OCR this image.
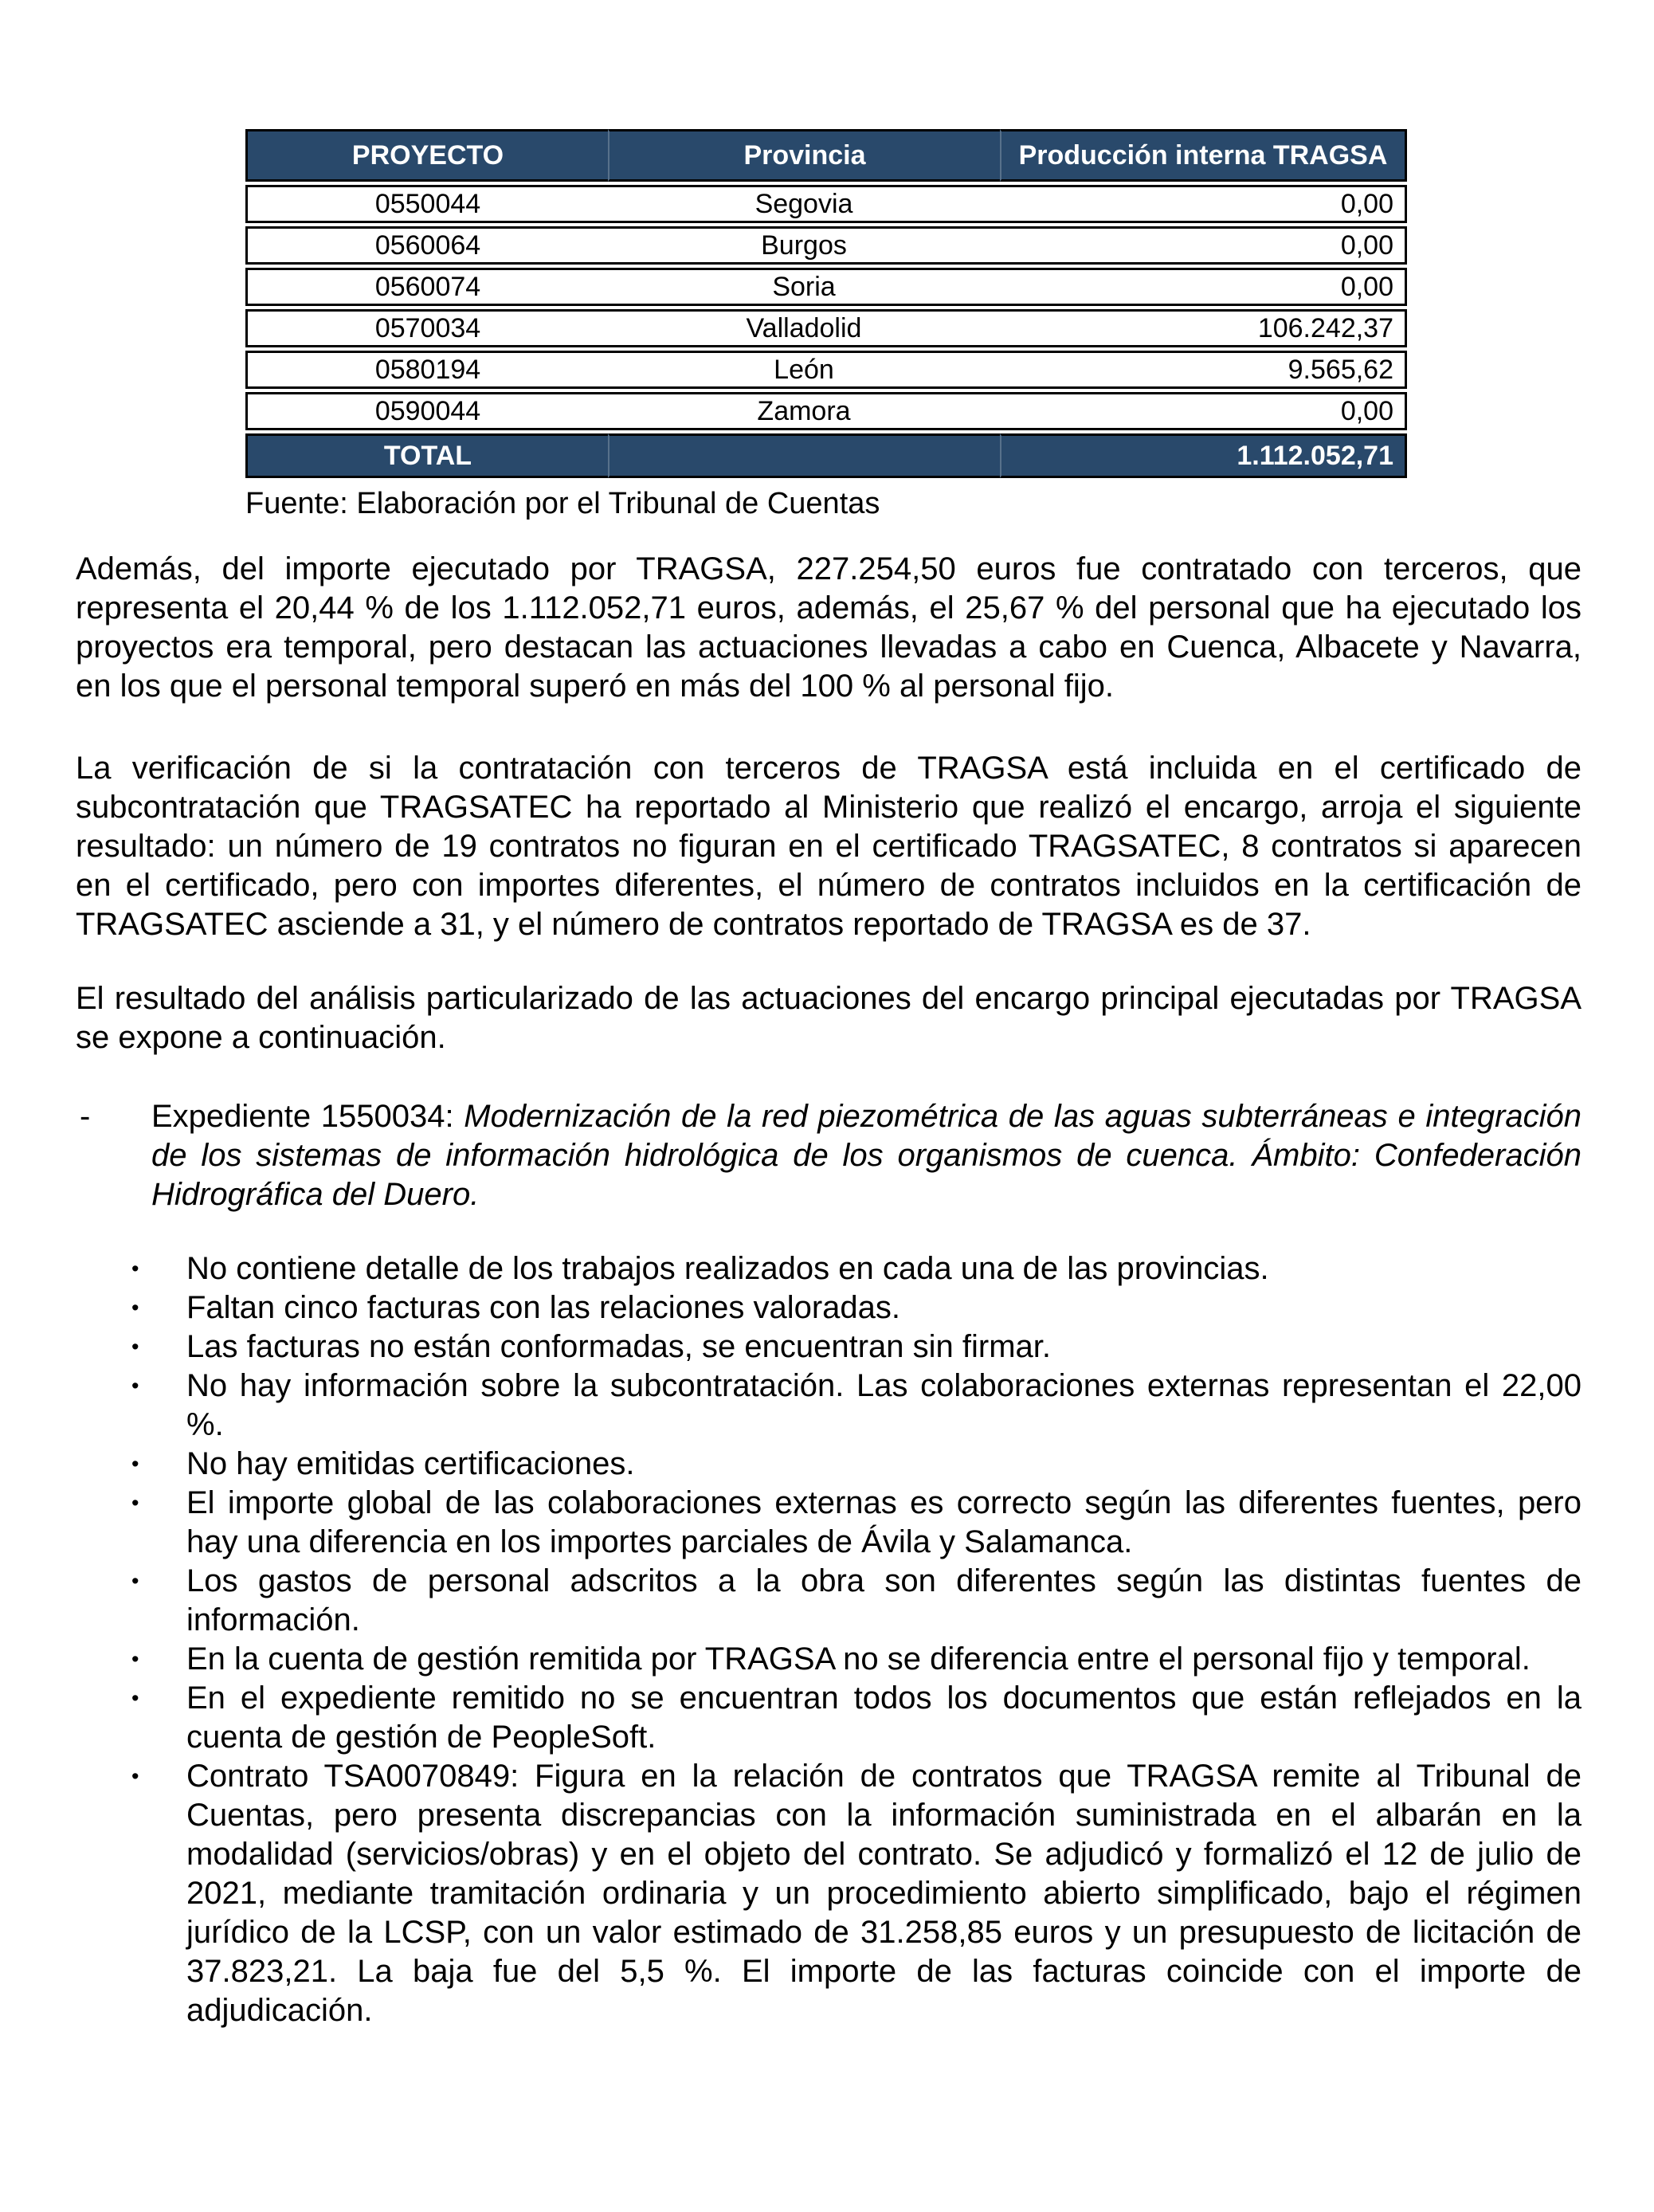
PROYECTO	Provincia	Producción interna TRAGSA
0550044	Segovia	0,00
0560064	Burgos	0,00
0560074	Soria	0,00
0570034	Valladolid	106.242,37
0580194	León	9.565,62
0590044	Zamora	0,00
TOTAL		1.112.052,71
Fuente: Elaboración por el Tribunal de Cuentas

Además, del importe ejecutado por TRAGSA, 227.254,50 euros fue contratado con terceros, que representa el 20,44 % de los 1.112.052,71 euros, además, el 25,67 % del personal que ha ejecutado los proyectos era temporal, pero destacan las actuaciones llevadas a cabo en Cuenca, Albacete y Navarra, en los que el personal temporal superó en más del 100 % al personal fijo.

La verificación de si la contratación con terceros de TRAGSA está incluida en el certificado de subcontratación que TRAGSATEC ha reportado al Ministerio que realizó el encargo, arroja el siguiente resultado: un número de 19 contratos no figuran en el certificado TRAGSATEC, 8 contratos si aparecen en el certificado, pero con importes diferentes, el número de contratos incluidos en la certificación de TRAGSATEC asciende a 31, y el número de contratos reportado de TRAGSA es de 37.

El resultado del análisis particularizado de las actuaciones del encargo principal ejecutadas por TRAGSA se expone a continuación.

-	Expediente 1550034: Modernización de la red piezométrica de las aguas subterráneas e integración de los sistemas de información hidrológica de los organismos de cuenca. Ámbito: Confederación Hidrográfica del Duero.
•	No contiene detalle de los trabajos realizados en cada una de las provincias.
•	Faltan cinco facturas con las relaciones valoradas.
•	Las facturas no están conformadas, se encuentran sin firmar.
•	No hay información sobre la subcontratación. Las colaboraciones externas representan el 22,00 %.
•	No hay emitidas certificaciones.
•	El importe global de las colaboraciones externas es correcto según las diferentes fuentes, pero hay una diferencia en los importes parciales de Ávila y Salamanca.
•	Los gastos de personal adscritos a la obra son diferentes según las distintas fuentes de información.
•	En la cuenta de gestión remitida por TRAGSA no se diferencia entre el personal fijo y temporal.
•	En el expediente remitido no se encuentran todos los documentos que están reflejados en la cuenta de gestión de PeopleSoft.
•	Contrato TSA0070849: Figura en la relación de contratos que TRAGSA remite al Tribunal de Cuentas, pero presenta discrepancias con la información suministrada en el albarán en la modalidad (servicios/obras) y en el objeto del contrato. Se adjudicó y formalizó el 12 de julio de 2021, mediante tramitación ordinaria y un procedimiento abierto simplificado, bajo el régimen jurídico de la LCSP, con un valor estimado de 31.258,85 euros y un presupuesto de licitación de 37.823,21. La baja fue del 5,5 %. El importe de las facturas coincide con el importe de adjudicación.
